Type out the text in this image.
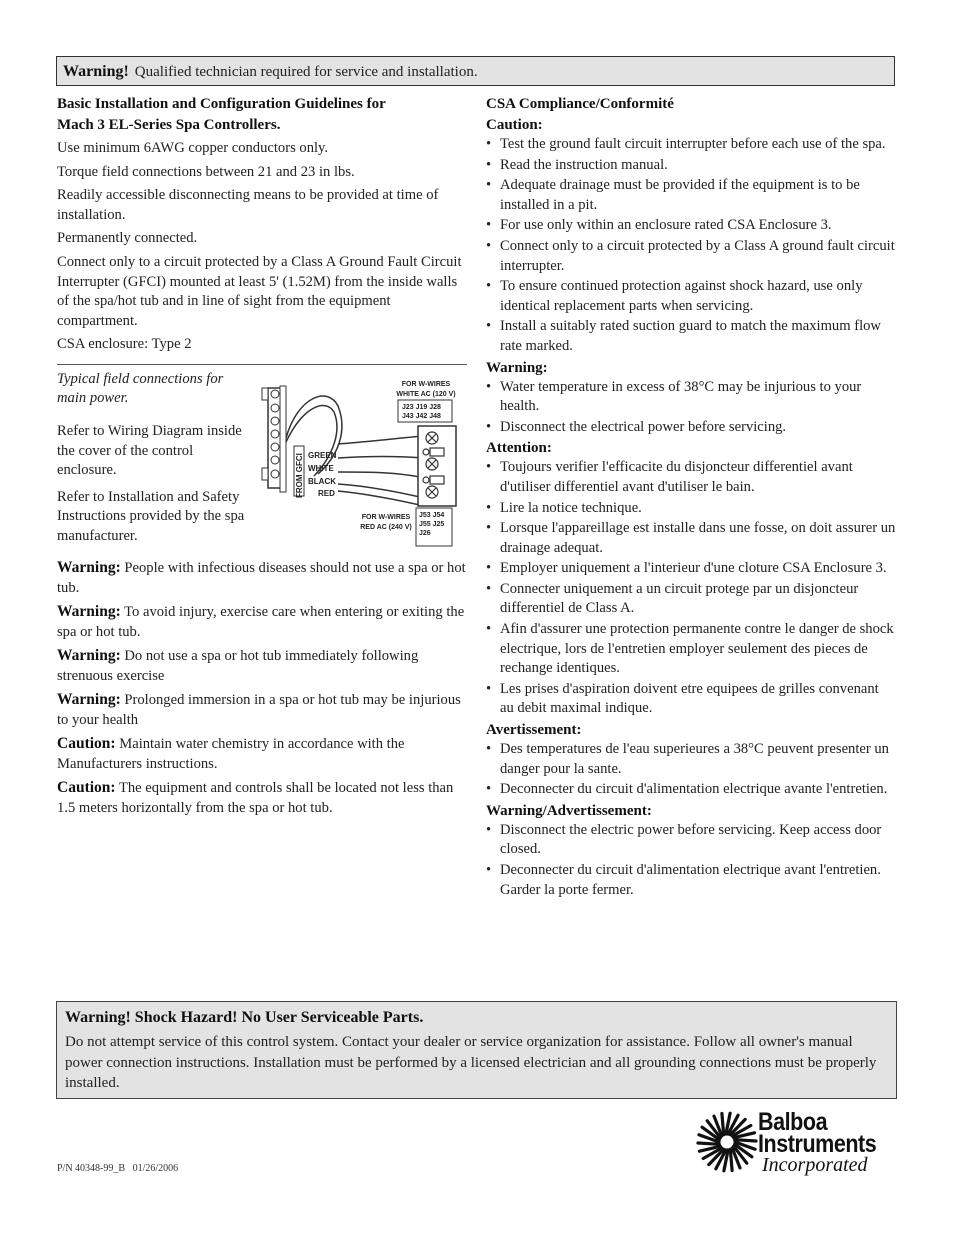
Warning! Qualified technician required for service and installation.
Basic Installation and Configuration Guidelines for
Mach 3 EL-Series Spa Controllers.

Use minimum 6AWG copper conductors only.

Torque field connections between 21 and 23 in lbs.

Readily accessible disconnecting means to be provided at time of installation.

Permanently connected.

Connect only to a circuit protected by a Class A Ground Fault Circuit Interrupter (GFCI) mounted at least 5' (1.52M) from the inside walls of the spa/hot tub and in line of sight from the equipment compartment.

CSA enclosure: Type 2

Typical field connections for main power.

Refer to Wiring Diagram inside the cover of the control enclosure.

Refer to Installation and Safety Instructions provided by the spa manufacturer.

FROM GFCI GREEN
WHITE
BLACK
RED
FOR W-WIRES
WHITE AC (120 V)
J23 J19 J28
J43 J42 J48
FOR W-WIRES
RED AC (240 V)
J53 J54
J55 J25
J26

Warning: People with infectious diseases should not use a spa or hot tub.

Warning: To avoid injury, exercise care when entering or exiting the spa or hot tub.

Warning: Do not use a spa or hot tub immediately following strenuous exercise

Warning: Prolonged immersion in a spa or hot tub may be injurious to your health

Caution: Maintain water chemistry in accordance with the Manufacturers instructions.

Caution: The equipment and controls shall be located not less than 1.5 meters horizontally from the spa or hot tub.

CSA Compliance/Conformité
Caution:
• Test the ground fault circuit interrupter before each use of the spa.
• Read the instruction manual.
• Adequate drainage must be provided if the equipment is to be installed in a pit.
• For use only within an enclosure rated CSA Enclosure 3.
• Connect only to a circuit protected by a Class A ground fault circuit interrupter.
• To ensure continued protection against shock hazard, use only identical replacement parts when servicing.
• Install a suitably rated suction guard to match the maximum flow rate marked.
Warning:
• Water temperature in excess of 38°C may be injurious to your health.
• Disconnect the electrical power before servicing.
Attention:
• Toujours verifier l'efficacite du disjoncteur differentiel avant d'utiliser differentiel avant d'utiliser le bain.
• Lire la notice technique.
• Lorsque l'appareillage est installe dans une fosse, on doit assurer un drainage adequat.
• Employer uniquement a l'interieur d'une cloture CSA Enclosure 3.
• Connecter uniquement a un circuit protege par un disjoncteur differentiel de Class A.
• Afin d'assurer une protection permanente contre le danger de shock electrique, lors de l'entretien employer seulement des pieces de rechange identiques.
• Les prises d'aspiration doivent etre equipees de grilles convenant au debit maximal indique.
Avertissement:
• Des temperatures de l'eau superieures a 38°C peuvent presenter un danger pour la sante.
• Deconnecter du circuit d'alimentation electrique avante l'entretien.
Warning/Advertissement:
• Disconnect the electric power before servicing. Keep access door closed.
• Deconnecter du circuit d'alimentation electrique avant l'entretien. Garder la porte fermer.
Warning! Shock Hazard! No User Serviceable Parts.
Do not attempt service of this control system. Contact your dealer or service organization for assistance. Follow all owner's manual power connection instructions. Installation must be performed by a licensed electrician and all grounding connections must be properly installed.
Balboa
Instruments
Incorporated
P/N 40348-99_B 01/26/2006
